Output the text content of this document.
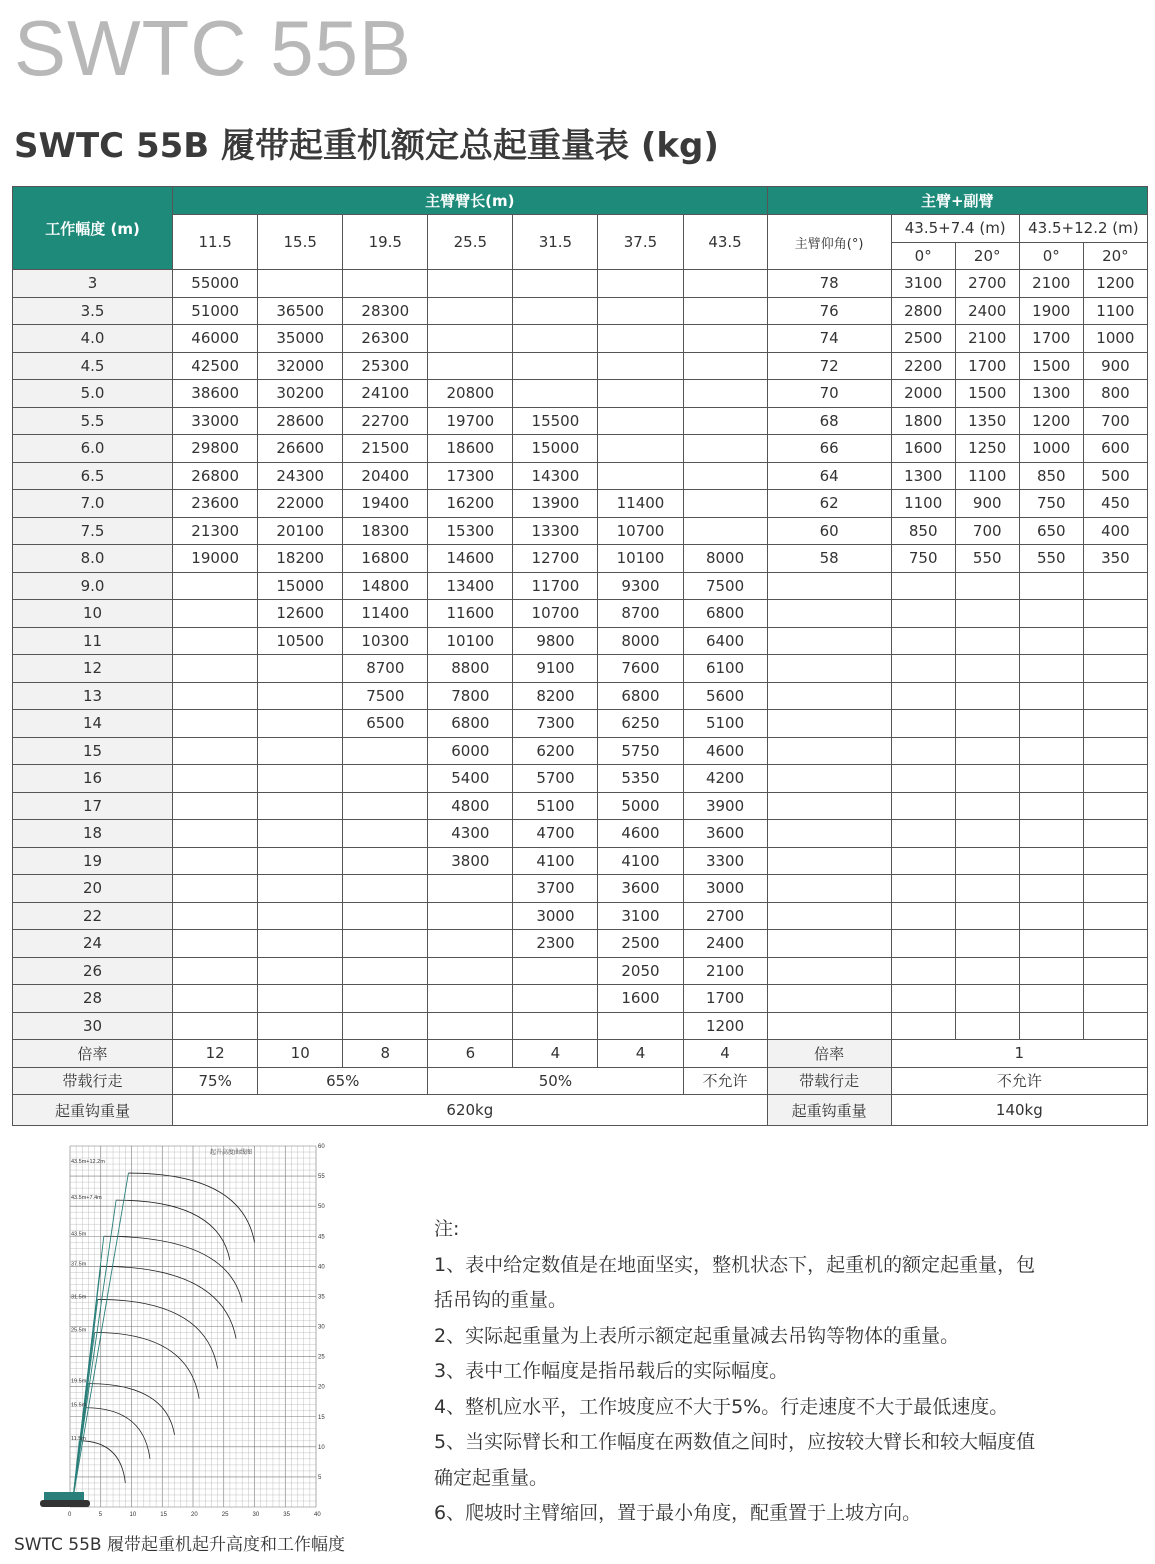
SWTC 55B
SWTC 55B 履带起重机额定总起重量表 (kg)
工作幅度 (m)	主臂臂长(m)							主臂+副臂				
	11.5	15.5	19.5	25.5	31.5	37.5	43.5	主臂仰角(°)	43.5+7.4 (m)		43.5+12.2 (m)	
									0°	20°	0°	20°
3	55000							78	3100	2700	2100	1200
3.5	51000	36500	28300					76	2800	2400	1900	1100
4.0	46000	35000	26300					74	2500	2100	1700	1000
4.5	42500	32000	25300					72	2200	1700	1500	900
5.0	38600	30200	24100	20800				70	2000	1500	1300	800
5.5	33000	28600	22700	19700	15500			68	1800	1350	1200	700
6.0	29800	26600	21500	18600	15000			66	1600	1250	1000	600
6.5	26800	24300	20400	17300	14300			64	1300	1100	850	500
7.0	23600	22000	19400	16200	13900	11400		62	1100	900	750	450
7.5	21300	20100	18300	15300	13300	10700		60	850	700	650	400
8.0	19000	18200	16800	14600	12700	10100	8000	58	750	550	550	350
9.0		15000	14800	13400	11700	9300	7500					
10		12600	11400	11600	10700	8700	6800					
11		10500	10300	10100	9800	8000	6400					
12			8700	8800	9100	7600	6100					
13			7500	7800	8200	6800	5600					
14			6500	6800	7300	6250	5100					
15				6000	6200	5750	4600					
16				5400	5700	5350	4200					
17				4800	5100	5000	3900					
18				4300	4700	4600	3600					
19				3800	4100	4100	3300					
20					3700	3600	3000					
22					3000	3100	2700					
24					2300	2500	2400					
26						2050	2100					
28						1600	1700					
30							1200					
倍率	12	10	8	6	4	4	4	倍率	1			
带载行走	75%	65%		50%			不允许	带载行走	不允许			
起重钩重量	620kg							起重钩重量	140kg			
5
10
15
20
25
30
35
40
45
50
55
60
0	5	10	15	20	25	30	35	40
43.5m+12.2m
43.5m+7.4m
43.5m
37.5m
31.5m
25.5m
19.5m
15.5m
11.5m
起升高度曲线图
SWTC 55B 履带起重机起升高度和工作幅度
注:
1、表中给定数值是在地面坚实，整机状态下，起重机的额定起重量，包
括吊钩的重量。
2、实际起重量为上表所示额定起重量减去吊钩等物体的重量。
3、表中工作幅度是指吊载后的实际幅度。
4、整机应水平，工作坡度应不大于5%。行走速度不大于最低速度。
5、当实际臂长和工作幅度在两数值之间时，应按较大臂长和较大幅度值
确定起重量。
6、爬坡时主臂缩回，置于最小角度，配重置于上坡方向。
